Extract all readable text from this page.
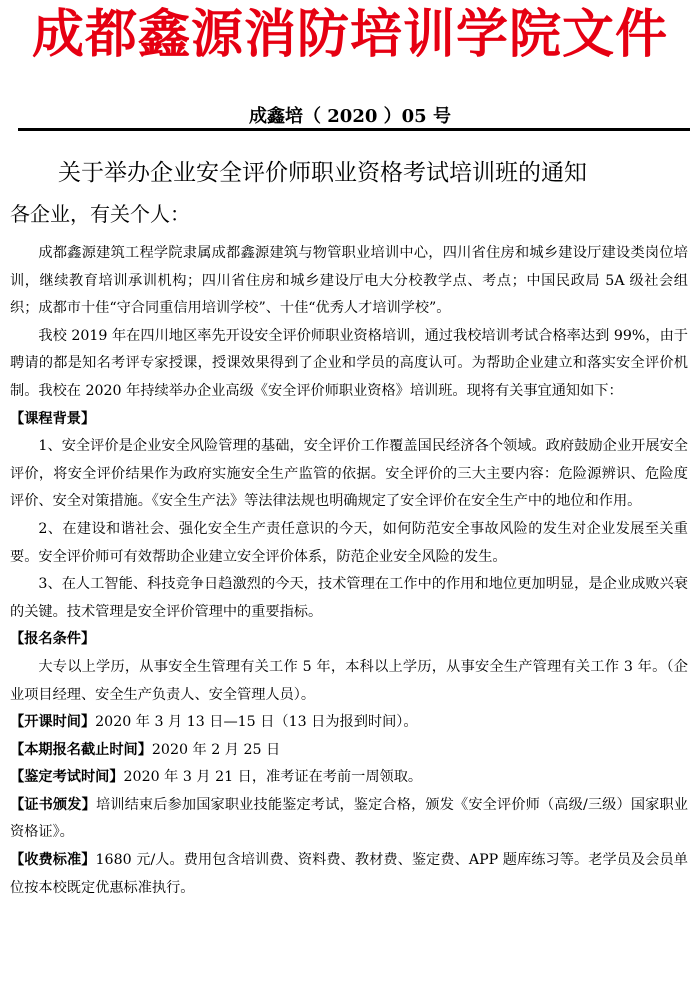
成都鑫源消防培训学院文件
成鑫培（ 2020 ）05 号
关于举办企业安全评价师职业资格考试培训班的通知
各企业，有关个人：

成都鑫源建筑工程学院隶属成都鑫源建筑与物管职业培训中心，四川省住房和城乡建设厅建设类岗位培训，继续教育培训承训机构；四川省住房和城乡建设厅电大分校教学点、考点；中国民政局 5A 级社会组织；成都市十佳“守合同重信用培训学校”、十佳“优秀人才培训学校”。

我校 2019 年在四川地区率先开设安全评价师职业资格培训，通过我校培训考试合格率达到 99%，由于聘请的都是知名考评专家授课，授课效果得到了企业和学员的高度认可。为帮助企业建立和落实安全评价机制。我校在 2020 年持续举办企业高级《安全评价师职业资格》培训班。现将有关事宜通知如下：

【课程背景】

1、安全评价是企业安全风险管理的基础，安全评价工作覆盖国民经济各个领域。政府鼓励企业开展安全评价，将安全评价结果作为政府实施安全生产监管的依据。安全评价的三大主要内容：危险源辨识、危险度评价、安全对策措施。《安全生产法》等法律法规也明确规定了安全评价在安全生产中的地位和作用。

2、在建设和谐社会、强化安全生产责任意识的今天，如何防范安全事故风险的发生对企业发展至关重要。安全评价师可有效帮助企业建立安全评价体系，防范企业安全风险的发生。

3、在人工智能、科技竞争日趋激烈的今天，技术管理在工作中的作用和地位更加明显，是企业成败兴衰的关键。技术管理是安全评价管理中的重要指标。

【报名条件】

大专以上学历，从事安全生管理有关工作 5 年，本科以上学历，从事安全生产管理有关工作 3 年。（企业项目经理、安全生产负责人、安全管理人员）。

【开课时间】2020 年 3 月 13 日—15 日（13 日为报到时间）。

【本期报名截止时间】2020 年 2 月 25 日

【鉴定考试时间】2020 年 3 月 21 日，准考证在考前一周领取。

【证书颁发】培训结束后参加国家职业技能鉴定考试，鉴定合格，颁发《安全评价师（高级/三级）国家职业资格证》。

【收费标准】1680 元/人。费用包含培训费、资料费、教材费、鉴定费、APP 题库练习等。老学员及会员单位按本校既定优惠标准执行。
